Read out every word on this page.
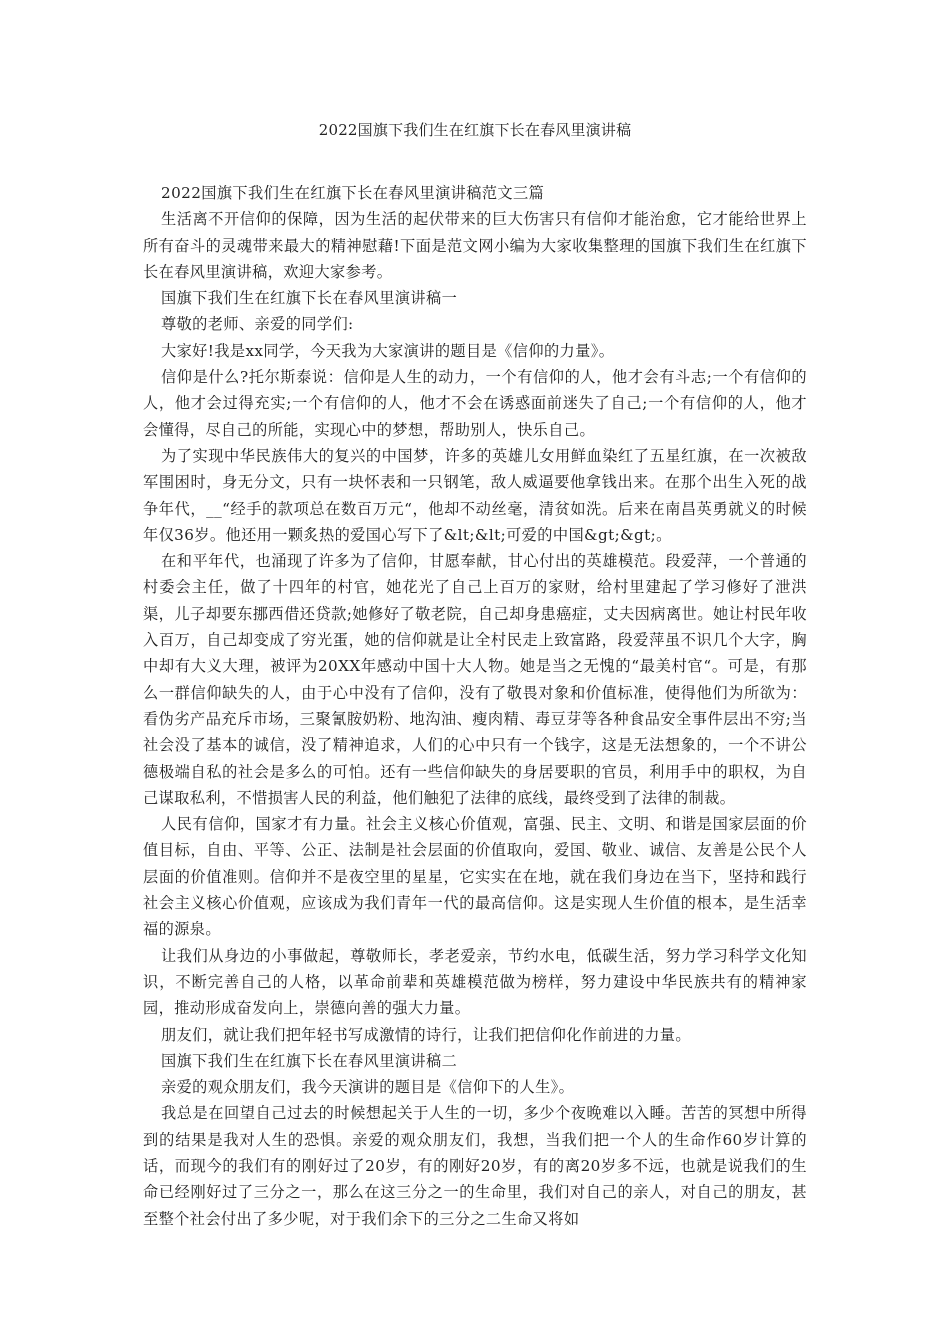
2022国旗下我们生在红旗下长在春风里演讲稿

2022国旗下我们生在红旗下长在春风里演讲稿范文三篇

生活离不开信仰的保障，因为生活的起伏带来的巨大伤害只有信仰才能治愈，它才能给世界上所有奋斗的灵魂带来最大的精神慰藉!下面是范文网小编为大家收集整理的国旗下我们生在红旗下长在春风里演讲稿，欢迎大家参考。

国旗下我们生在红旗下长在春风里演讲稿一

尊敬的老师、亲爱的同学们:

大家好!我是xx同学，今天我为大家演讲的题目是《信仰的力量》。

信仰是什么?托尔斯泰说：信仰是人生的动力，一个有信仰的人，他才会有斗志;一个有信仰的人，他才会过得充实;一个有信仰的人，他才不会在诱惑面前迷失了自己;一个有信仰的人，他才会懂得，尽自己的所能，实现心中的梦想，帮助别人，快乐自己。

为了实现中华民族伟大的复兴的中国梦，许多的英雄儿女用鲜血染红了五星红旗，在一次被敌军围困时，身无分文，只有一块怀表和一只钢笔，敌人威逼要他拿钱出来。在那个出生入死的战争年代，__“经手的款项总在数百万元“，他却不动丝毫，清贫如洗。后来在南昌英勇就义的时候年仅36岁。他还用一颗炙热的爱国心写下了&lt;&lt;可爱的中国&gt;&gt;。

在和平年代，也涌现了许多为了信仰，甘愿奉献，甘心付出的英雄模范。段爱萍，一个普通的村委会主任，做了十四年的村官，她花光了自己上百万的家财，给村里建起了学习修好了泄洪渠，儿子却要东挪西借还贷款;她修好了敬老院，自己却身患癌症，丈夫因病离世。她让村民年收入百万，自己却变成了穷光蛋，她的信仰就是让全村民走上致富路，段爱萍虽不识几个大字，胸中却有大义大理，被评为20XX年感动中国十大人物。她是当之无愧的“最美村官“。可是，有那么一群信仰缺失的人，由于心中没有了信仰，没有了敬畏对象和价值标准，使得他们为所欲为：看伪劣产品充斥市场，三聚氰胺奶粉、地沟油、瘦肉精、毒豆芽等各种食品安全事件层出不穷;当社会没了基本的诚信，没了精神追求，人们的心中只有一个钱字，这是无法想象的，一个不讲公德极端自私的社会是多么的可怕。还有一些信仰缺失的身居要职的官员，利用手中的职权，为自己谋取私利，不惜损害人民的利益，他们触犯了法律的底线，最终受到了法律的制裁。

人民有信仰，国家才有力量。社会主义核心价值观，富强、民主、文明、和谐是国家层面的价值目标，自由、平等、公正、法制是社会层面的价值取向，爱国、敬业、诚信、友善是公民个人层面的价值准则。信仰并不是夜空里的星星，它实实在在地，就在我们身边在当下，坚持和践行社会主义核心价值观，应该成为我们青年一代的最高信仰。这是实现人生价值的根本，是生活幸福的源泉。

让我们从身边的小事做起，尊敬师长，孝老爱亲，节约水电，低碳生活，努力学习科学文化知识，不断完善自己的人格，以革命前辈和英雄模范做为榜样，努力建设中华民族共有的精神家园，推动形成奋发向上，崇德向善的强大力量。

朋友们，就让我们把年轻书写成激情的诗行，让我们把信仰化作前进的力量。

国旗下我们生在红旗下长在春风里演讲稿二

亲爱的观众朋友们，我今天演讲的题目是《信仰下的人生》。

我总是在回望自己过去的时候想起关于人生的一切，多少个夜晚难以入睡。苦苦的冥想中所得到的结果是我对人生的恐惧。亲爱的观众朋友们，我想，当我们把一个人的生命作60岁计算的话，而现今的我们有的刚好过了20岁，有的刚好20岁，有的离20岁多不远，也就是说我们的生命已经刚好过了三分之一，那么在这三分之一的生命里，我们对自己的亲人，对自己的朋友，甚至整个社会付出了多少呢，对于我们余下的三分之二生命又将如
